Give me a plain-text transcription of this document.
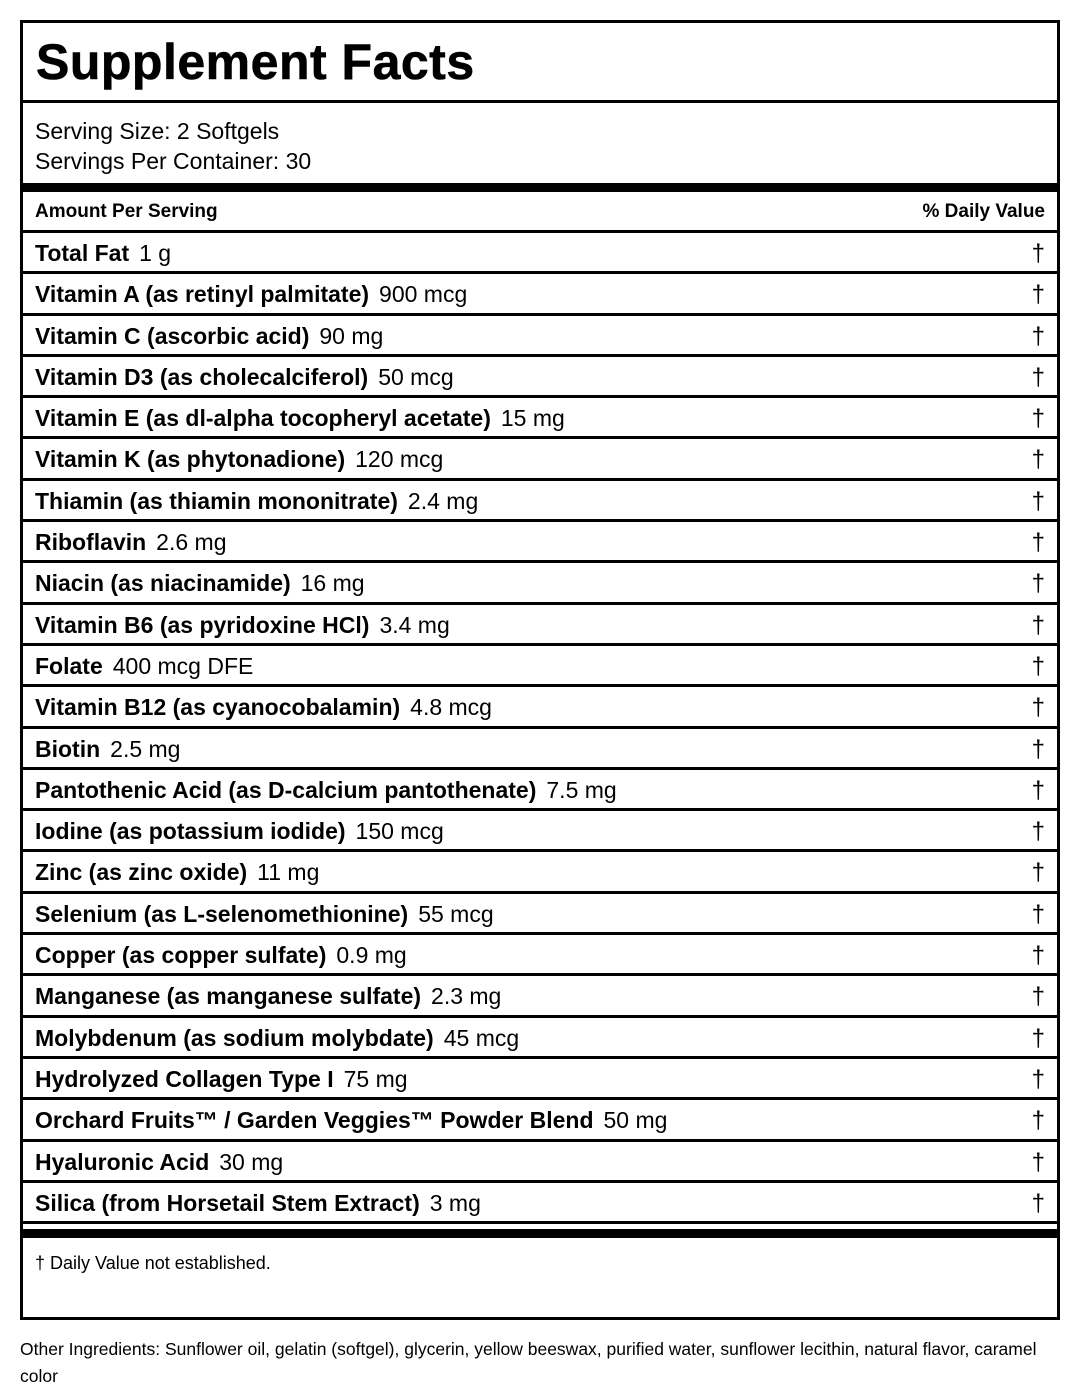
Supplement Facts
Serving Size: 2 Softgels
Servings Per Container: 30
Amount Per Serving	% Daily Value
Total Fat 1 g	†
Vitamin A (as retinyl palmitate) 900 mcg	†
Vitamin C (ascorbic acid) 90 mg	†
Vitamin D3 (as cholecalciferol) 50 mcg	†
Vitamin E (as dl-alpha tocopheryl acetate) 15 mg	†
Vitamin K (as phytonadione) 120 mcg	†
Thiamin (as thiamin mononitrate) 2.4 mg	†
Riboflavin 2.6 mg	†
Niacin (as niacinamide) 16 mg	†
Vitamin B6 (as pyridoxine HCl) 3.4 mg	†
Folate 400 mcg DFE	†
Vitamin B12 (as cyanocobalamin) 4.8 mcg	†
Biotin 2.5 mg	†
Pantothenic Acid (as D-calcium pantothenate) 7.5 mg	†
Iodine (as potassium iodide) 150 mcg	†
Zinc (as zinc oxide) 11 mg	†
Selenium (as L-selenomethionine) 55 mcg	†
Copper (as copper sulfate) 0.9 mg	†
Manganese (as manganese sulfate) 2.3 mg	†
Molybdenum (as sodium molybdate) 45 mcg	†
Hydrolyzed Collagen Type I 75 mg	†
Orchard Fruits™ / Garden Veggies™ Powder Blend 50 mg	†
Hyaluronic Acid 30 mg	†
Silica (from Horsetail Stem Extract) 3 mg	†
† Daily Value not established.
Other Ingredients: Sunflower oil, gelatin (softgel), glycerin, yellow beeswax, purified water, sunflower lecithin, natural flavor, caramel color
